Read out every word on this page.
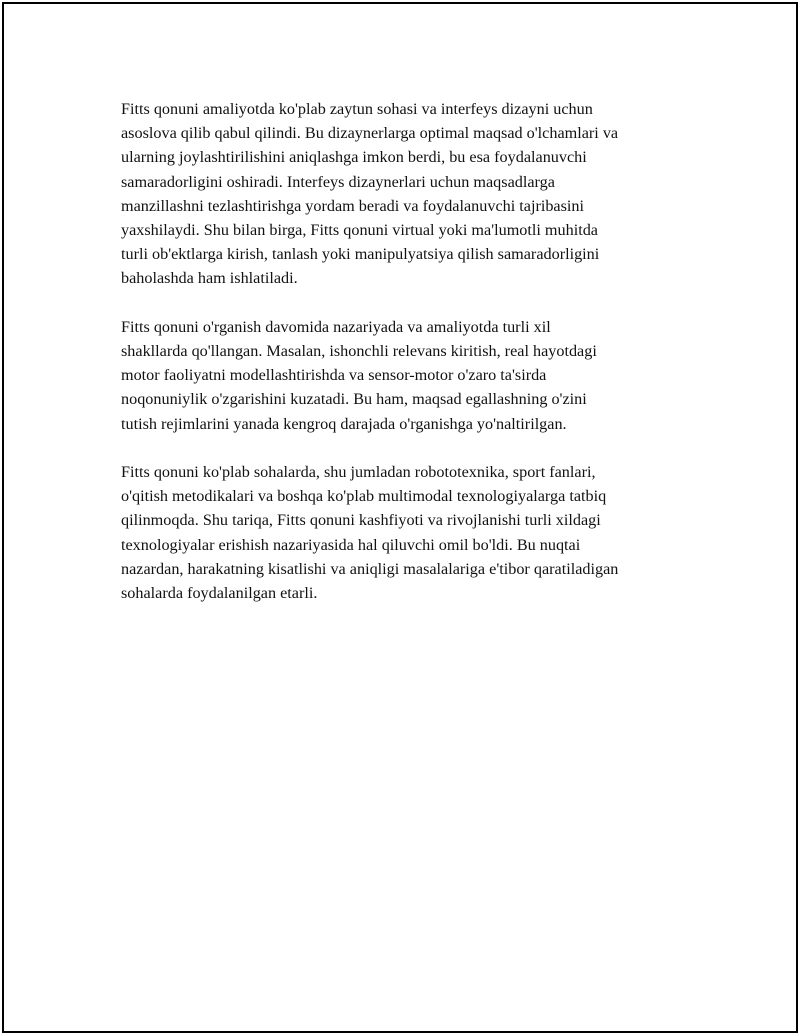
Fitts qonuni amaliyotda ko'plab zaytun sohasi va interfeys dizayni uchun
asoslova qilib qabul qilindi. Bu dizaynerlarga optimal maqsad o'lchamlari va
ularning joylashtirilishini aniqlashga imkon berdi, bu esa foydalanuvchi
samaradorligini oshiradi. Interfeys dizaynerlari uchun maqsadlarga
manzillashni tezlashtirishga yordam beradi va foydalanuvchi tajribasini
yaxshilaydi. Shu bilan birga, Fitts qonuni virtual yoki ma'lumotli muhitda
turli ob'ektlarga kirish, tanlash yoki manipulyatsiya qilish samaradorligini
baholashda ham ishlatiladi.

Fitts qonuni o'rganish davomida nazariyada va amaliyotda turli xil
shakllarda qo'llangan. Masalan, ishonchli relevans kiritish, real hayotdagi
motor faoliyatni modellashtirishda va sensor-motor o'zaro ta'sirda
noqonuniylik o'zgarishini kuzatadi. Bu ham, maqsad egallashning o'zini
tutish rejimlarini yanada kengroq darajada o'rganishga yo'naltirilgan.

Fitts qonuni ko'plab sohalarda, shu jumladan robototexnika, sport fanlari,
o'qitish metodikalari va boshqa ko'plab multimodal texnologiyalarga tatbiq
qilinmoqda. Shu tariqa, Fitts qonuni kashfiyoti va rivojlanishi turli xildagi
texnologiyalar erishish nazariyasida hal qiluvchi omil bo'ldi. Bu nuqtai
nazardan, harakatning kisatlishi va aniqligi masalalariga e'tibor qaratiladigan
sohalarda foydalanilgan etarli.
